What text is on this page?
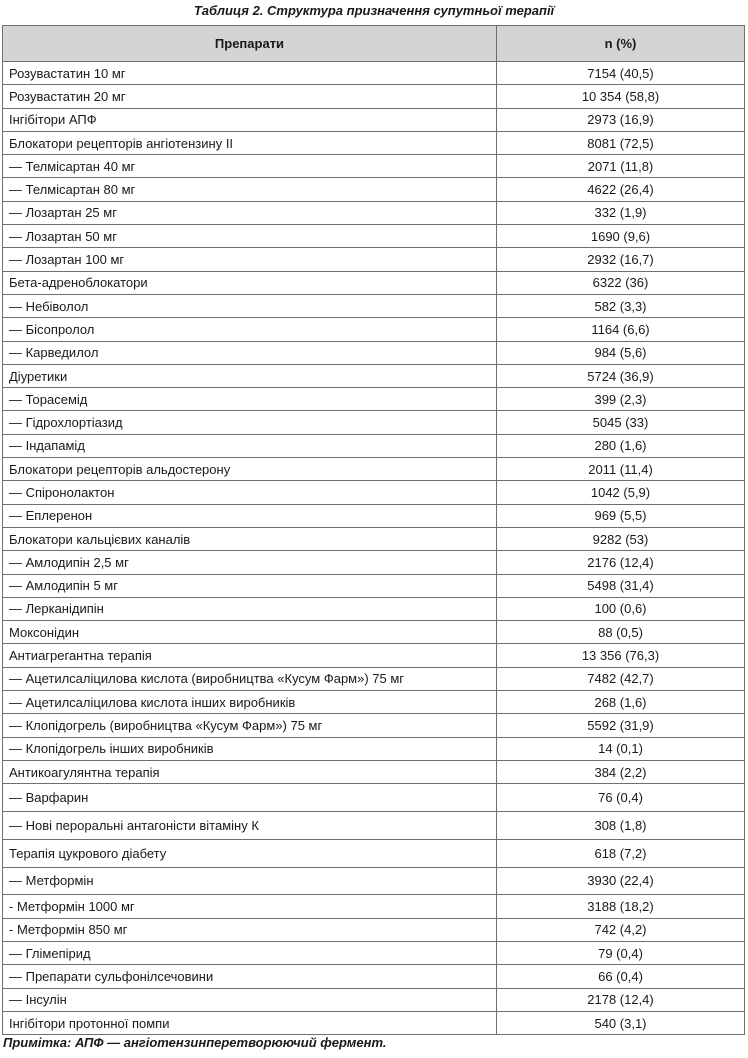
Таблиця 2. Структура призначення супутньої терапії
Препарати	n (%)
Розувастатин 10 мг	7154 (40,5)
Розувастатин 20 мг	10 354 (58,8)
Інгібітори АПФ	2973 (16,9)
Блокатори рецепторів ангіотензину II	8081 (72,5)
— Телмісартан 40 мг	2071 (11,8)
— Телмісартан 80 мг	4622 (26,4)
— Лозартан 25 мг	332 (1,9)
— Лозартан 50 мг	1690 (9,6)
— Лозартан 100 мг	2932 (16,7)
Бета-адреноблокатори	6322 (36)
— Небіволол	582 (3,3)
— Бісопролол	1164 (6,6)
— Карведилол	984 (5,6)
Діуретики	5724 (36,9)
— Торасемід	399 (2,3)
— Гідрохлортіазид	5045 (33)
— Індапамід	280 (1,6)
Блокатори рецепторів альдостерону	2011 (11,4)
— Спіронолактон	1042 (5,9)
— Еплеренон	969 (5,5)
Блокатори кальцієвих каналів	9282 (53)
— Амлодипін 2,5 мг	2176 (12,4)
— Амлодипін 5 мг	5498 (31,4)
— Лерканідипін	100 (0,6)
Моксонідин	88 (0,5)
Антиагрегантна терапія	13 356 (76,3)
— Ацетилсаліцилова кислота (виробництва «Кусум Фарм») 75 мг	7482 (42,7)
— Ацетилсаліцилова кислота інших виробників	268 (1,6)
— Клопідогрель (виробництва «Кусум Фарм») 75 мг	5592 (31,9)
— Клопідогрель інших виробників	14 (0,1)
Антикоагулянтна терапія	384 (2,2)
— Варфарин	76 (0,4)
— Нові пероральні антагоністи вітаміну К	308 (1,8)
Терапія цукрового діабету	618 (7,2)
— Метформін	3930 (22,4)
- Метформін 1000 мг	3188 (18,2)
- Метформін 850 мг	742 (4,2)
— Глімепірид	79 (0,4)
— Препарати сульфонілсечовини	66 (0,4)
— Інсулін	2178 (12,4)
Інгібітори протонної помпи	540 (3,1)
Примітка: АПФ — ангіотензинперетворюючий фермент.
